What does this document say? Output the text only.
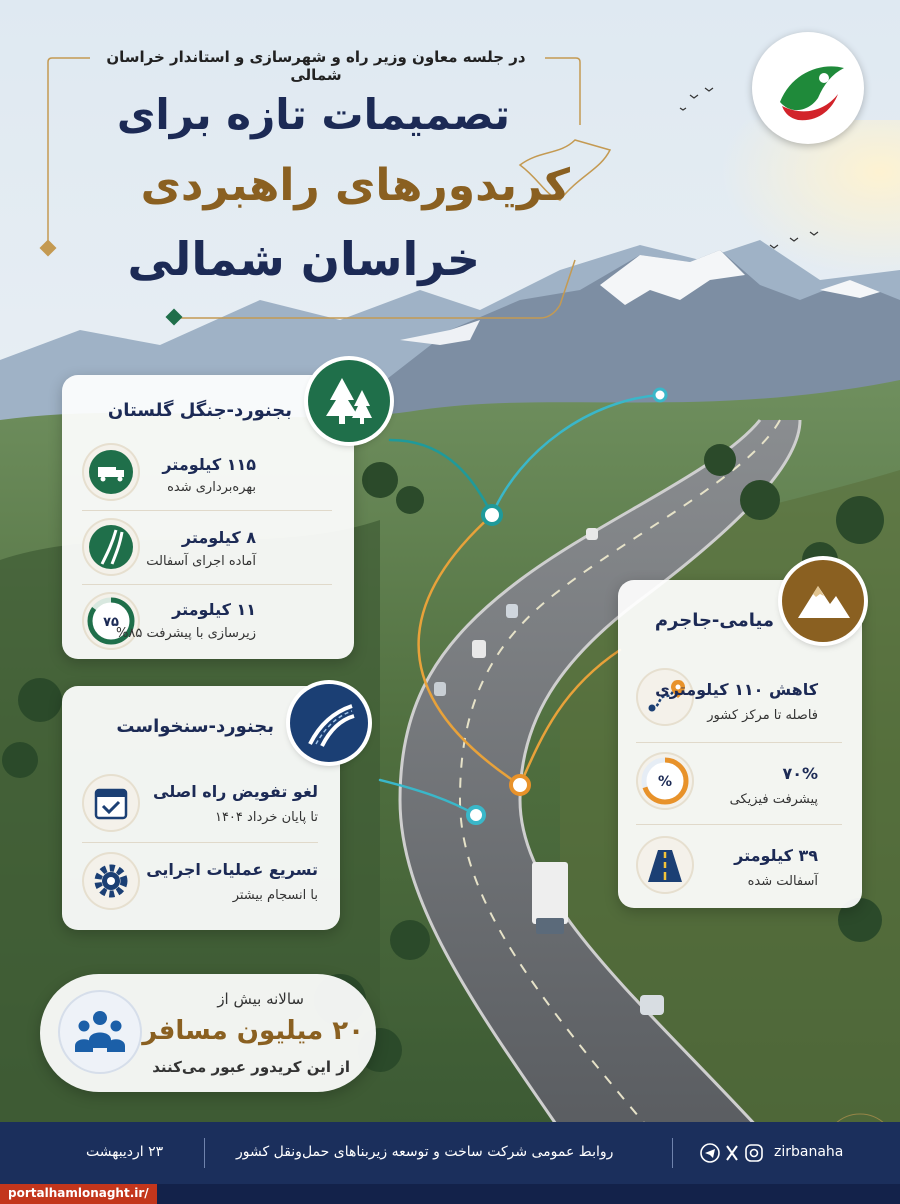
در جلسه معاون وزیر راه و شهرسازی و استاندار خراسان شمالی
تصمیمات تازه برای
کریدورهای راهبردی
خراسان شمالی
بجنورد-جنگل گلستان
۱۱۵ کیلومتر
بهره‌برداری شده
۸ کیلومتر
آماده اجرای آسفالت
۷۵
۱۱ کیلومتر
زیرسازی با پیشرفت ۸۵%
بجنورد-سنخواست
لغو تفویض راه اصلی
تا پایان خرداد ۱۴۰۴
تسریع عملیات اجرایی
با انسجام بیشتر
میامی-جاجرم
کاهش ۱۱۰ کیلومتری
فاصله تا مرکز کشور
%	۷۰%
پیشرفت فیزیکی
۳۹ کیلومتر
آسفالت شده
سالانه بیش از
۲۰ میلیون مسافر
از این کریدور عبور می‌کنند
۲۳ اردیبهشت	روابط عمومی شرکت ساخت و توسعه زیربناهای حمل‌ونقل کشور	zirbanaha
portalhamlonaght.ir/
